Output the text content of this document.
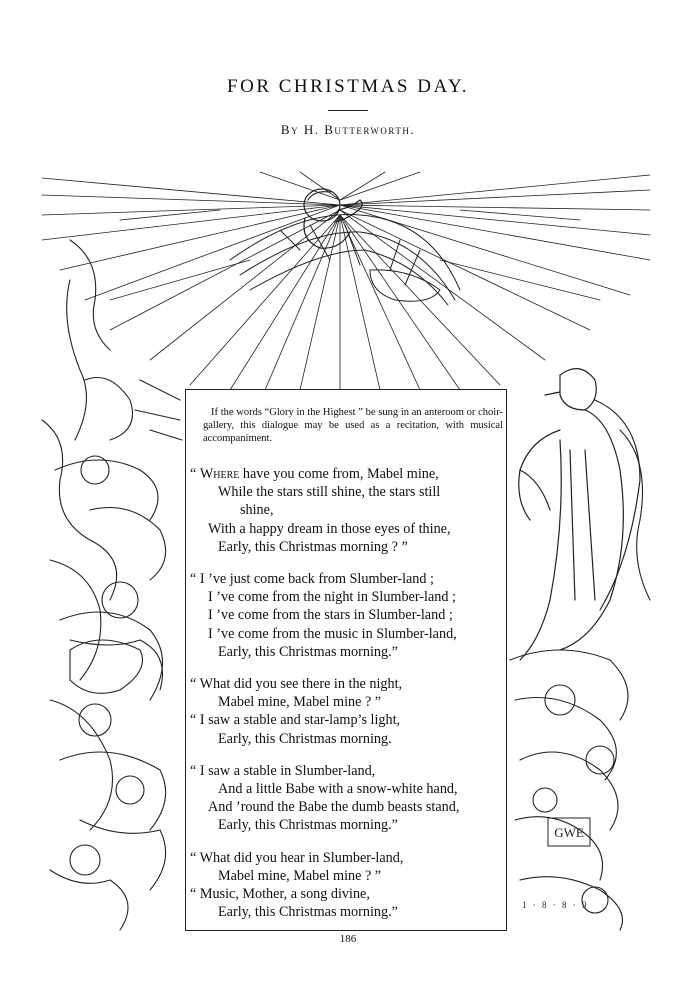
FOR CHRISTMAS DAY.
By H. Butterworth.
GWE
1 · 8 · 8 · 9
If the words “Glory in the Highest ” be sung in an anteroom or choir-gallery, this dialogue may be used as a recitation, with musical accompaniment.
“ Where have you come from, Mabel mine,
While the stars still shine, the stars still
shine,
With a happy dream in those eyes of thine,
Early, this Christmas morning ? ”
“ I ’ve just come back from Slumber-land ;
I ’ve come from the night in Slumber-land ;
I ’ve come from the stars in Slumber-land ;
I ’ve come from the music in Slumber-land,
Early, this Christmas morning.”
“ What did you see there in the night,
Mabel mine, Mabel mine ? ”
“ I saw a stable and star-lamp’s light,
Early, this Christmas morning.
“ I saw a stable in Slumber-land,
And a little Babe with a snow-white hand,
And ’round the Babe the dumb beasts stand,
Early, this Christmas morning.”
“ What did you hear in Slumber-land,
Mabel mine, Mabel mine ? ”
“ Music, Mother, a song divine,
Early, this Christmas morning.”
186
